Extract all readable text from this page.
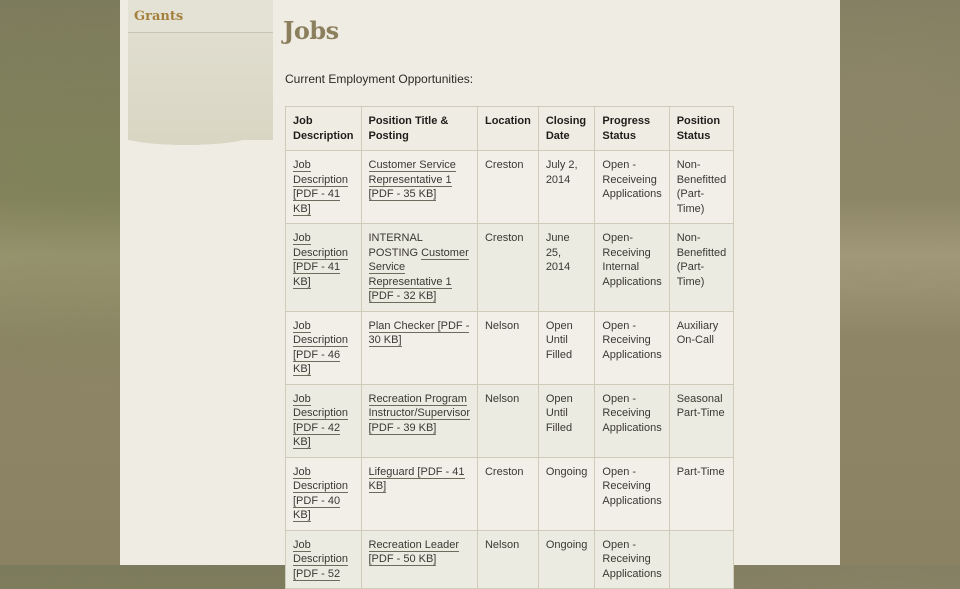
Grants	Jobs

Current Employment Opportunities:

Job Description	Position Title & Posting	Location	Closing Date	Progress Status	Position Status
Job Description [PDF - 41 KB]	Customer Service Representative 1 [PDF - 35 KB]	Creston	July 2, 2014	Open - Receiveing Applications	Non-Benefitted (Part-Time)
Job Description [PDF - 41 KB]	INTERNAL POSTING Customer Service Representative 1 [PDF - 32 KB]	Creston	June 25, 2014	Open- Receiving Internal Applications	Non-Benefitted (Part-Time)
Job Description [PDF - 46 KB]	Plan Checker [PDF - 30 KB]	Nelson	Open Until Filled	Open - Receiving Applications	Auxiliary On-Call
Job Description [PDF - 42 KB]	Recreation Program Instructor/Supervisor [PDF - 39 KB]	Nelson	Open Until Filled	Open - Receiving Applications	Seasonal Part-Time
Job Description [PDF - 40 KB]	Lifeguard [PDF - 41 KB]	Creston	Ongoing	Open - Receiving Applications	Part-Time
Job Description [PDF - 52	Recreation Leader [PDF - 50 KB]	Nelson	Ongoing	Open - Receiving Applications	
